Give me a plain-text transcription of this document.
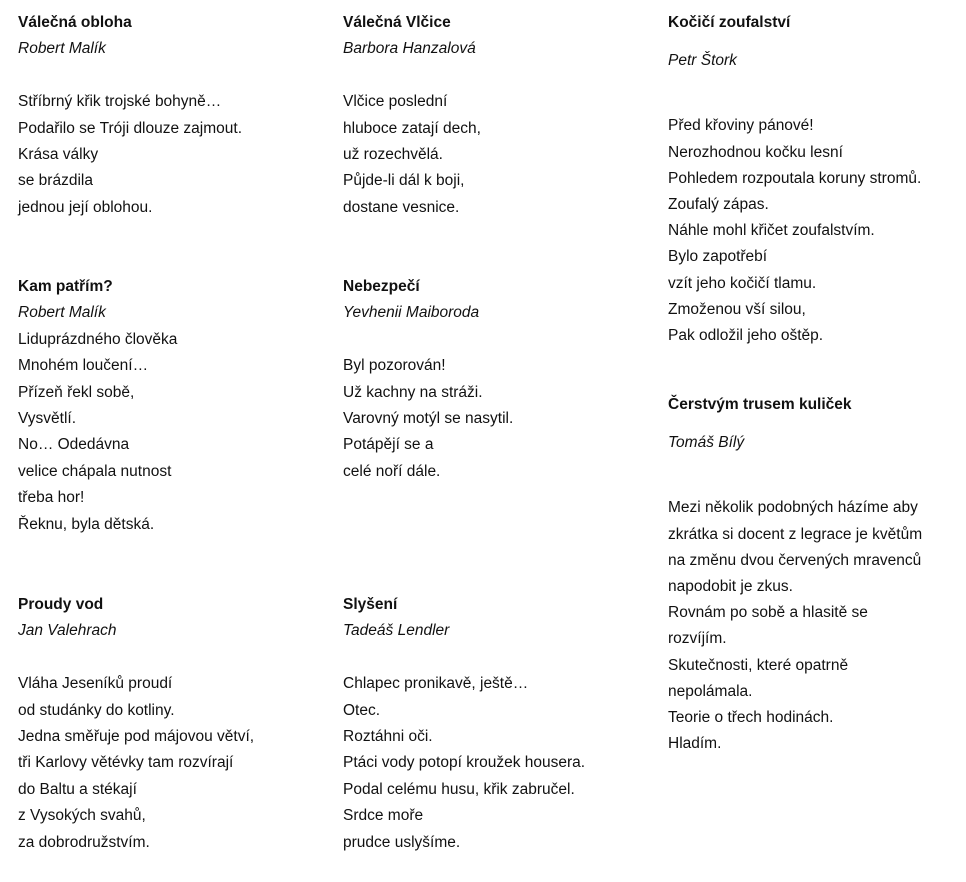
Válečná obloha
Robert Malík
Stříbrný křik trojské bohyně…
Podařilo se Tróji dlouze zajmout.
Krása války
se brázdila
jednou její oblohou.
Kam patřím?
Robert Malík
Liduprázdného člověka
Mnohém loučení…
Přízeň řekl sobě,
Vysvětlí.
No… Odedávna
velice chápala nutnost
třeba hor!
Řeknu, byla dětská.
Proudy vod
Jan Valehrach
Vláha Jeseníků proudí
od studánky do kotliny.
Jedna směřuje pod májovou větví,
tři Karlovy větévky tam rozvírají
do Baltu a stékají
z Vysokých svahů,
za dobrodružstvím.
Válečná Vlčice
Barbora Hanzalová
Vlčice poslední
hluboce zatají dech,
už rozechvělá.
Půjde-li dál k boji,
dostane vesnice.
Nebezpečí
Yevhenii Maiboroda
Byl pozorován!
Už kachny na stráži.
Varovný motýl se nasytil.
Potápějí se a
celé noří dále.
Slyšení
Tadeáš Lendler
Chlapec pronikavě, ještě…
Otec.
Roztáhni oči.
Ptáci vody potopí kroužek housera.
Podal celému husu, křik zabručel.
Srdce moře
prudce uslyšíme.
Kočičí zoufalství
Petr Štork
Před křoviny pánové!
Nerozhodnou kočku lesní
Pohledem rozpoutala koruny stromů.
Zoufalý zápas.
Náhle mohl křičet zoufalstvím.
Bylo zapotřebí
vzít jeho kočičí tlamu.
Zmoženou vší silou,
Pak odložil jeho oštěp.
Čerstvým trusem kuliček
Tomáš Bílý
Mezi několik podobných házíme aby
zkrátka si docent z legrace je květům
na změnu dvou červených mravenců
napodobit je zkus.
Rovnám po sobě a hlasitě se
rozvíjím.
Skutečnosti, které opatrně
nepolámala.
Teorie o třech hodinách.
Hladím.
